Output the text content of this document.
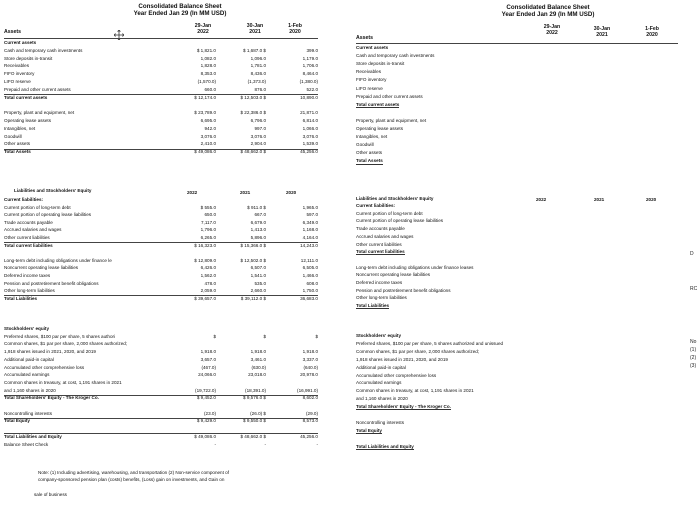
Consolidated Balance Sheet
Year Ended Jan 29 (In MM USD)
29-Jan
2022
30-Jan
2021
1-Feb
2020
Assets
Current assets
Cash and temporary cash investments	$ 1,821.0	$ 1,687.0 $	399.0
Store deposits in-transit	1,082.0	1,096.0	1,179.0
Receivables	1,828.0	1,781.0	1,706.0
FIFO inventory	8,353.0	8,436.0	8,464.0
LIFO reserve	(1,570.0)	(1,373.0)	(1,380.0)
Prepaid and other current assets	660.0	876.0	522.0
Total current assets	$ 12,174.0	$ 12,503.0 $	10,890.0
Property, plant and equipment, net	$ 23,789.0	$ 22,386.0 $	21,871.0
Operating lease assets	6,695.0	6,796.0	6,814.0
Intangibles, net	942.0	997.0	1,066.0
Goodwill	3,076.0	3,076.0	3,076.0
Other assets	2,410.0	2,904.0	1,539.0
Total Assets	$ 49,086.0	$ 48,662.0 $	45,256.0
Liabilities and Stockholders' Equity	2022	2021	2020
Current liabilities:
Current portion of long-term debt	$ 555.0	$ 911.0 $	1,965.0
Current portion of operating lease liabilities	650.0	667.0	597.0
Trade accounts payable	7,117.0	6,679.0	6,349.0
Accrued salaries and wages	1,796.0	1,413.0	1,168.0
Other current liabilities	6,265.0	5,896.0	4,164.0
Total current liabilities	$ 16,323.0	$ 15,366.0 $	14,243.0
Long-term debt including obligations under finance le	$ 12,809.0	$ 12,502.0 $	12,111.0
Noncurrent operating lease liabilities	6,426.0	6,507.0	6,505.0
Deferred income taxes	1,562.0	1,541.0	1,466.0
Pension and postretirement benefit obligations	478.0	535.0	608.0
Other long-term liabilities	2,059.0	2,660.0	1,750.0
Total Liabilities	$ 39,657.0	$ 39,112.0 $	36,683.0
Stockholders' equity
Preferred shares, $100 par per share, 5 shares authori	$	$	$
Common shares, $1 par per share, 2,000 shares authorized;
1,918 shares issued in 2021, 2020, and 2019	1,918.0	1,918.0	1,918.0
Additional paid-in capital	3,657.0	3,461.0	3,337.0
Accumulated other comprehensive loss	(467.0)	(630.0)	(640.0)
Accumulated earnings	24,066.0	23,018.0	20,978.0
Common shares in treasury, at cost, 1,191 shares in 2021
and 1,160 shares in 2020	(19,722.0)	(18,391.0)	(16,991.0)
Total Shareholders' Equity - The Kroger Co.	$ 9,452.0	$ 9,576.0 $	8,602.0
Noncontrolling interests	(23.0)	(26.0) $	(29.0)
Total Equity	$ 9,429.0	$ 9,550.0 $	8,573.0
Total Liabilities and Equity	$ 49,086.0	$ 48,662.0 $	45,256.0
Balance Sheet Check	-	-	-
Note: (1) Including advertising, warehousing, and transportation (2) Non-service component of
company-sponsored pension plan (costs) benefits, (Loss) gain on investments, and Gain on
sale of business
Consolidated Balance Sheet
Year Ended Jan 29 (In MM USD)
29-Jan
2022
30-Jan
2021
1-Feb
2020
Assets
Current assets
Cash and temporary cash investments
Store deposits in-transit
Receivables
FIFO inventory
LIFO reserve
Prepaid and other current assets
Total current assets
Property, plant and equipment, net
Operating lease assets
Intangibles, net
Goodwill
Other assets
Total Assets
Liabilities and Stockholders' Equity	2022	2021	2020
Current liabilities:
Current portion of long-term debt
Current portion of operating lease liabilities
Trade accounts payable
Accrued salaries and wages
Other current liabilities
Total current liabilities
Long-term debt including obligations under finance leases
Noncurrent operating lease liabilities
Deferred income taxes
Pension and postretirement benefit obligations
Other long-term liabilities
Total Liabilities
Stockholders' equity
Preferred shares, $100 par per share, 5 shares authorized and unissued
Common shares, $1 par per share, 2,000 shares authorized;
1,918 shares issued in 2021, 2020, and 2019
Additional paid-in capital
Accumulated other comprehensive loss
Accumulated earnings
Common shares in treasury, at cost, 1,191 shares in 2021
and 1,160 shares in 2020
Total Shareholders' Equity - The Kroger Co.
Noncontrolling interests
Total Equity
Total Liabilities and Equity
D
RC
No
(1)
(2)
(3)
